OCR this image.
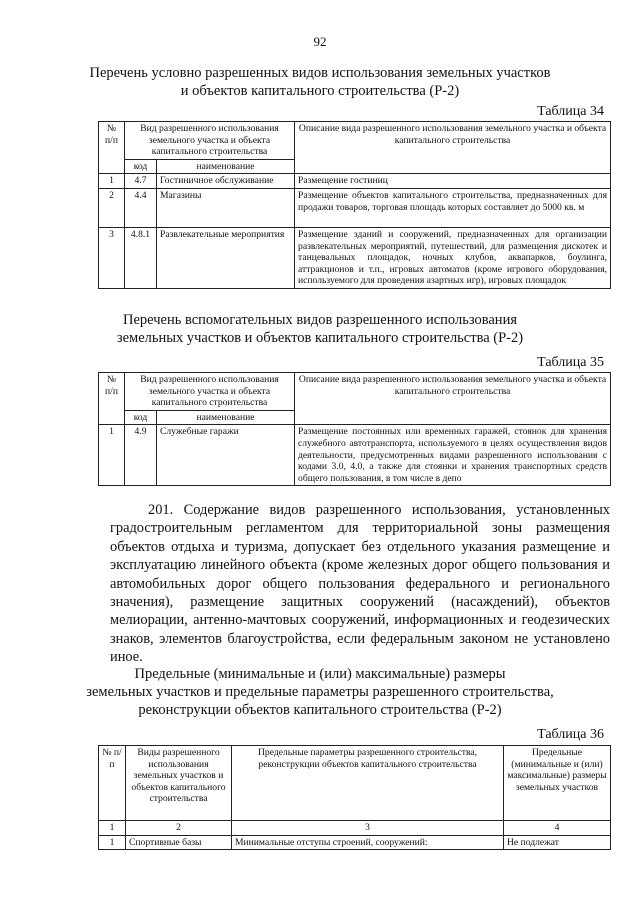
92
Перечень условно разрешенных видов использования земельных участков
и объектов капитального строительства (Р-2)
Таблица 34
№ п/п	Вид разрешенного использования земельного участка и объекта капитального строительства		Описание вида разрешенного использования земельного участка и объекта капитального строительства
	код	наименование	
1	4.7	Гостиничное обслуживание	Размещение гостиниц
2	4.4	Магазины	Размещение объектов капитального строительства, предназначенных для продажи товаров, торговая площадь которых составляет до 5000 кв. м
3	4.8.1	Развлекательные мероприятия	Размещение зданий и сооружений, предназначенных для организации развлекательных мероприятий, путешествий, для размещения дискотек и танцевальных площадок, ночных клубов, аквапарков, боулинга, аттракционов и т.п., игровых автоматов (кроме игрового оборудования, используемого для проведения азартных игр), игровых площадок
Перечень вспомогательных видов разрешенного использования
земельных участков и объектов капитального строительства (Р-2)
Таблица 35
№ п/п	Вид разрешенного использования земельного участка и объекта капитального строительства		Описание вида разрешенного использования земельного участка и объекта капитального строительства
	код	наименование	
1	4.9	Служебные гаражи	Размещение постоянных или временных гаражей, стоянок для хранения служебного автотранспорта, используемого в целях осуществления видов деятельности, предусмотренных видами разрешенного использования с кодами 3.0, 4.0, а также для стоянки и хранения транспортных средств общего пользования, в том числе в депо
201. Содержание видов разрешенного использования, установленных градостроительным регламентом для территориальной зоны размещения объектов отдыха и туризма, допускает без отдельного указания размещение и эксплуатацию линейного объекта (кроме железных дорог общего пользования и автомобильных дорог общего пользования федерального и регионального значения), размещение защитных сооружений (насаждений), объектов мелиорации, антенно-мачтовых сооружений, информационных и геодезических знаков, элементов благоустройства, если федеральным законом не установлено иное.
Предельные (минимальные и (или) максимальные) размеры
земельных участков и предельные параметры разрешенного строительства,
реконструкции объектов капитального строительства (Р-2)
Таблица 36
№ п/п	Виды разрешенного использования земельных участков и объектов капитального строительства	Предельные параметры разрешенного строительства, реконструкции объектов капитального строительства	Предельные (минимальные и (или) максимальные) размеры земельных участков
1	2	3	4
1	Спортивные базы	Минимальные отступы строений, сооружений:	Не подлежат
